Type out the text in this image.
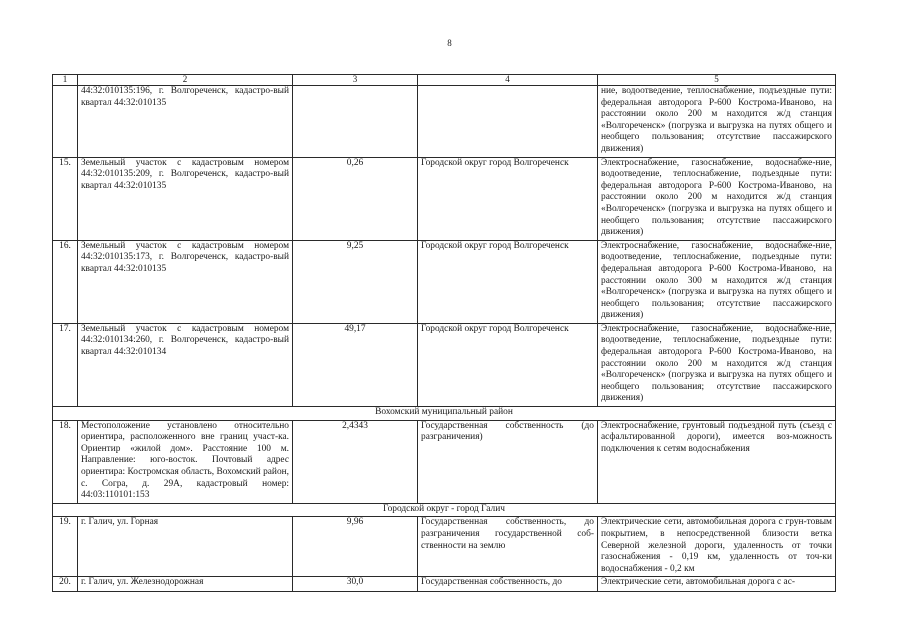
8
1	2	3	4	5
	44:32:010135:196, г. Волгореченск, кадастро-вый квартал 44:32:010135			ние, водоотведение, теплоснабжение, подъездные пути: федеральная автодорога Р-600 Кострома-Иваново, на расстоянии около 200 м находится ж/д станция «Волгореченск» (погрузка и выгрузка на путях общего и необщего пользования; отсутствие пассажирского движения)
15.	Земельный участок с кадастровым номером 44:32:010135:209, г. Волгореченск, кадастро-вый квартал 44:32:010135	0,26	Городской округ город Волгореченск	Электроснабжение, газоснабжение, водоснабже-ние, водоотведение, теплоснабжение, подъездные пути: федеральная автодорога Р-600 Кострома-Иваново, на расстоянии около 200 м находится ж/д станция «Волгореченск» (погрузка и выгрузка на путях общего и необщего пользования; отсутствие пассажирского движения)
16.	Земельный участок с кадастровым номером 44:32:010135:173, г. Волгореченск, кадастро-вый квартал 44:32:010135	9,25	Городской округ город Волгореченск	Электроснабжение, газоснабжение, водоснабже-ние, водоотведение, теплоснабжение, подъездные пути: федеральная автодорога Р-600 Кострома-Иваново, на расстоянии около 300 м находится ж/д станция «Волгореченск» (погрузка и выгрузка на путях общего и необщего пользования; отсутствие пассажирского движения)
17.	Земельный участок с кадастровым номером 44:32:010134:260, г. Волгореченск, кадастро-вый квартал 44:32:010134	49,17	Городской округ город Волгореченск	Электроснабжение, газоснабжение, водоснабже-ние, водоотведение, теплоснабжение, подъездные пути: федеральная автодорога Р-600 Кострома-Иваново, на расстоянии около 200 м находится ж/д станция «Волгореченск» (погрузка и выгрузка на путях общего и необщего пользования; отсутствие пассажирского движения)
Вохомский муниципальный район				
18.	Местоположение установлено относительно ориентира, расположенного вне границ участ-ка. Ориентир «жилой дом». Расстояние 100 м. Направление: юго-восток. Почтовый адрес ориентира: Костромская область, Вохомский район, с. Согра, д. 29А, кадастровый номер: 44:03:110101:153	2,4343	Государственная собственность (до разграничения)	Электроснабжение, грунтовый подъездной путь (съезд с асфальтированной дороги), имеется воз-можность подключения к сетям водоснабжения
Городской округ - город Галич				
19.	г. Галич, ул. Горная	9,96	Государственная собственность, до разграничения государственной соб-ственности на землю	Электрические сети, автомобильная дорога с грун-товым покрытием, в непосредственной близости ветка Северной железной дороги, удаленность от точки газоснабжения - 0,19 км, удаленность от точ-ки водоснабжения - 0,2 км
20.	г. Галич, ул. Железнодорожная	30,0	Государственная собственность, до	Электрические сети, автомобильная дорога с ас-
